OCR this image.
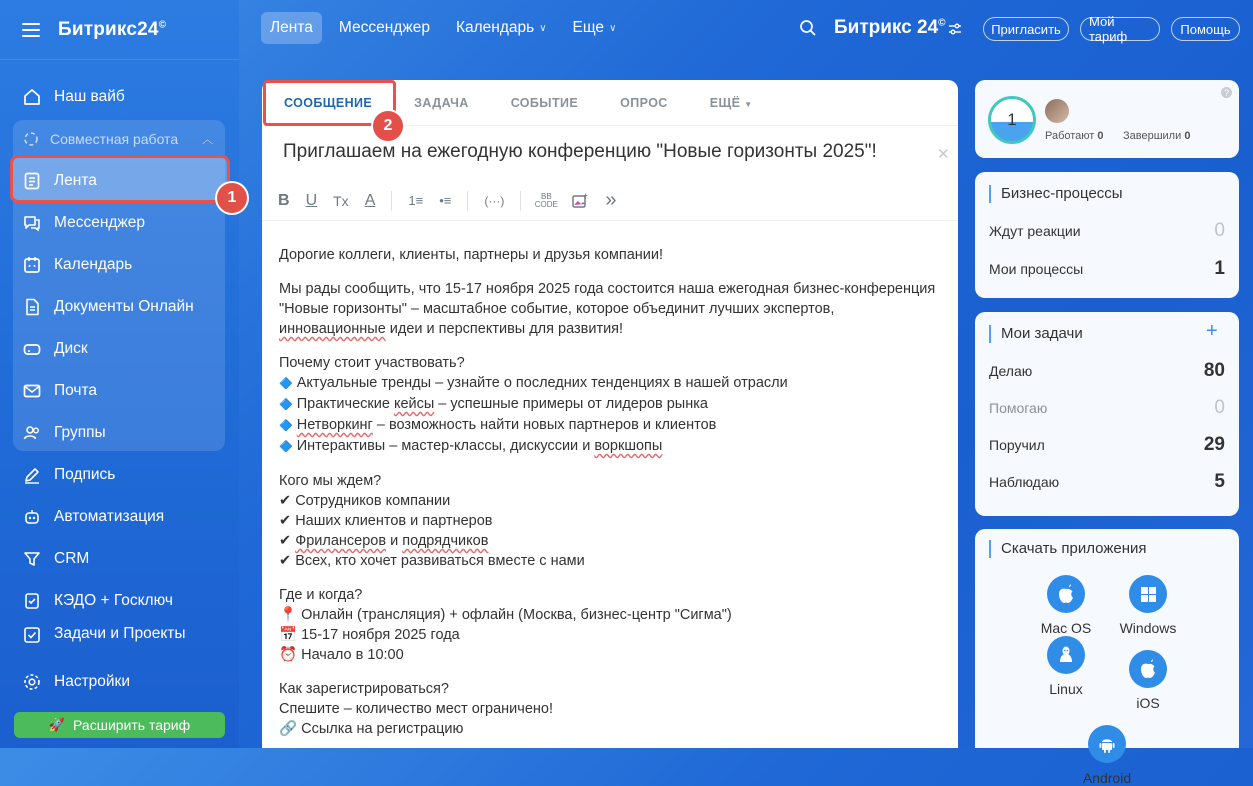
Битрикс24©
Совместная работа ︿
1
Наш вайб
Лента
Мессенджер
Календарь
Документы Онлайн
Диск
Почта
Группы
Подпись
Автоматизация
CRM
КЭДО + Госключ
Задачи и Проекты
Настройки
🚀 Расширить тариф
Лента Мессенджер Календарь ∨ Еще ∨	Битрикс 24©	Пригласить	Мой тариф	Помощь
СООБЩЕНИЕ	ЗАДАЧА	СОБЫТИЕ	ОПРОС	ЕЩЁ ▼
2
Приглашаем на ежегодную конференцию "Новые горизонты 2025"!	✕
B U Tx A	1≡ •≡	(···)	BB CODE »

Дорогие коллеги, клиенты, партнеры и друзья компании!

Мы рады сообщить, что 15-17 ноября 2025 года состоится наша ежегодная бизнес-конференция "Новые горизонты" – масштабное событие, которое объединит лучших экспертов, инновационные идеи и перспективы для развития!

Почему стоит участвовать?
🔷 Актуальные тренды – узнайте о последних тенденциях в нашей отрасли
🔷 Практические кейсы – успешные примеры от лидеров рынка
🔷 Нетворкинг – возможность найти новых партнеров и клиентов
🔷 Интерактивы – мастер-классы, дискуссии и воркшопы

Кого мы ждем?
✔ Сотрудников компании
✔ Наших клиентов и партнеров
✔ Фрилансеров и подрядчиков
✔ Всех, кто хочет развиваться вместе с нами

Где и когда?
📍 Онлайн (трансляция) + офлайн (Москва, бизнес-центр "Сигма")
📅 15-17 ноября 2025 года
⏰ Начало в 10:00

Как зарегистрироваться?
Спешите – количество мест ограничено!
🔗 Ссылка на регистрацию

1
Работают 0 Завершили 0
?
Бизнес-процессы
Ждут реакции	0
Мои процессы	1
Мои задачи	+
Делаю	80
Помогаю	0
Поручил	29
Наблюдаю	5
Скачать приложения
Mac OS Windows
Linux
iOS
Android
